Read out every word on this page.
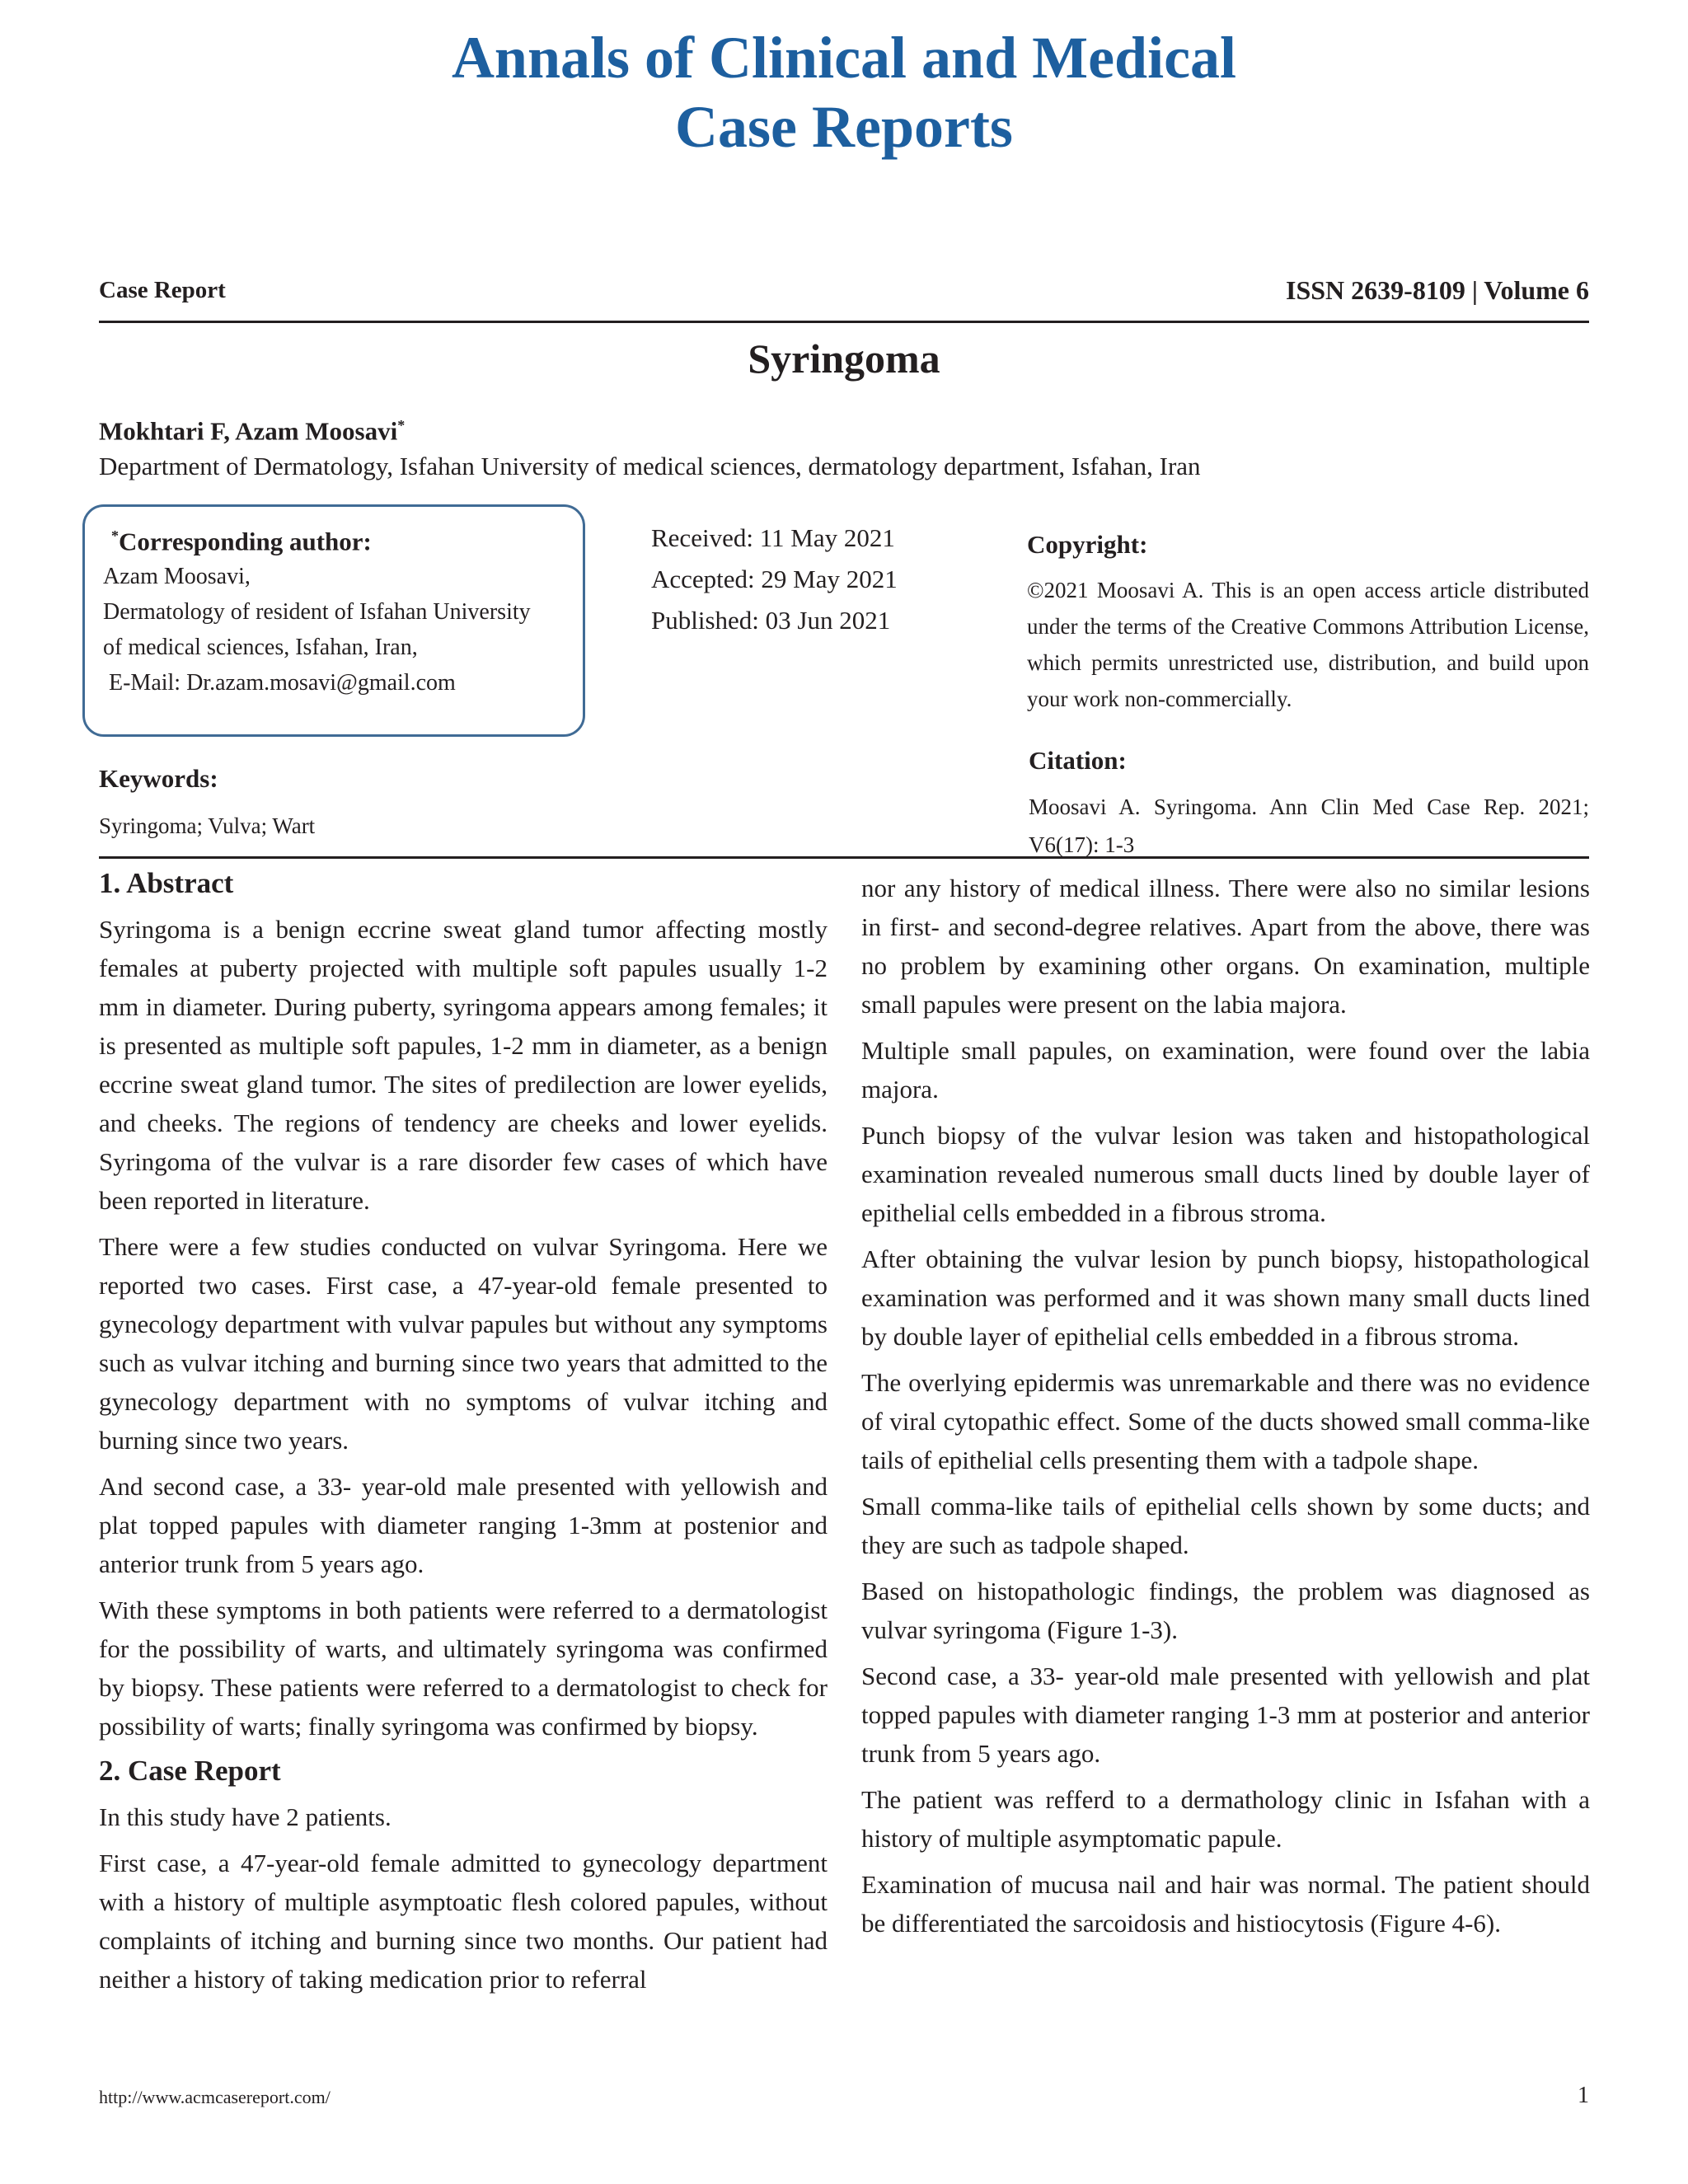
Annals of Clinical and Medical
Case Reports
Case Report	ISSN 2639-8109 | Volume 6
Syringoma
Mokhtari F, Azam Moosavi*
Department of Dermatology, Isfahan University of medical sciences, dermatology department, Isfahan, Iran
*Corresponding author:
Azam Moosavi,
Dermatology of resident of Isfahan University
of medical sciences, Isfahan, Iran,
E-Mail: Dr.azam.mosavi@gmail.com
Received: 11 May 2021
Accepted: 29 May 2021
Published: 03 Jun 2021
Copyright:
©2021 Moosavi A. This is an open access article distributed under the terms of the Creative Commons Attribution License, which permits unrestricted use, distribution, and build upon your work non-commercially.
Keywords:
Syringoma; Vulva; Wart
Citation:
Moosavi A. Syringoma. Ann Clin Med Case Rep. 2021; V6(17): 1-3
1. Abstract

Syringoma is a benign eccrine sweat gland tumor affecting mostly females at puberty projected with multiple soft papules usually 1-2 mm in diameter. During puberty, syringoma appears among females; it is presented as multiple soft papules, 1-2 mm in diameter, as a benign eccrine sweat gland tumor. The sites of predilection are lower eyelids, and cheeks. The regions of tendency are cheeks and lower eyelids. Syringoma of the vulvar is a rare disorder few cases of which have been reported in literature.

There were a few studies conducted on vulvar Syringoma. Here we reported two cases. First case, a 47-year-old female presented to gynecology department with vulvar papules but without any symptoms such as vulvar itching and burning since two years that admitted to the gynecology department with no symptoms of vulvar itching and burning since two years.

And second case, a 33- year-old male presented with yellowish and plat topped papules with diameter ranging 1-3mm at postenior and anterior trunk from 5 years ago.

With these symptoms in both patients were referred to a dermatologist for the possibility of warts, and ultimately syringoma was confirmed by biopsy. These patients were referred to a dermatologist to check for possibility of warts; finally syringoma was confirmed by biopsy.

2. Case Report

In this study have 2 patients.

First case, a 47-year-old female admitted to gynecology department with a history of multiple asymptoatic flesh colored papules, without complaints of itching and burning since two months. Our patient had neither a history of taking medication prior to referral

nor any history of medical illness. There were also no similar lesions in first- and second-degree relatives. Apart from the above, there was no problem by examining other organs. On examination, multiple small papules were present on the labia majora.

Multiple small papules, on examination, were found over the labia majora.

Punch biopsy of the vulvar lesion was taken and histopathological examination revealed numerous small ducts lined by double layer of epithelial cells embedded in a fibrous stroma.

After obtaining the vulvar lesion by punch biopsy, histopathological examination was performed and it was shown many small ducts lined by double layer of epithelial cells embedded in a fibrous stroma.

The overlying epidermis was unremarkable and there was no evidence of viral cytopathic effect. Some of the ducts showed small comma-like tails of epithelial cells presenting them with a tadpole shape.

Small comma-like tails of epithelial cells shown by some ducts; and they are such as tadpole shaped.

Based on histopathologic findings, the problem was diagnosed as vulvar syringoma (Figure 1-3).

Second case, a 33- year-old male presented with yellowish and plat topped papules with diameter ranging 1-3 mm at posterior and anterior trunk from 5 years ago.

The patient was refferd to a dermathology clinic in Isfahan with a history of multiple asymptomatic papule.

Examination of mucusa nail and hair was normal. The patient should be differentiated the sarcoidosis and histiocytosis (Figure 4-6).

http://www.acmcasereport.com/	1
